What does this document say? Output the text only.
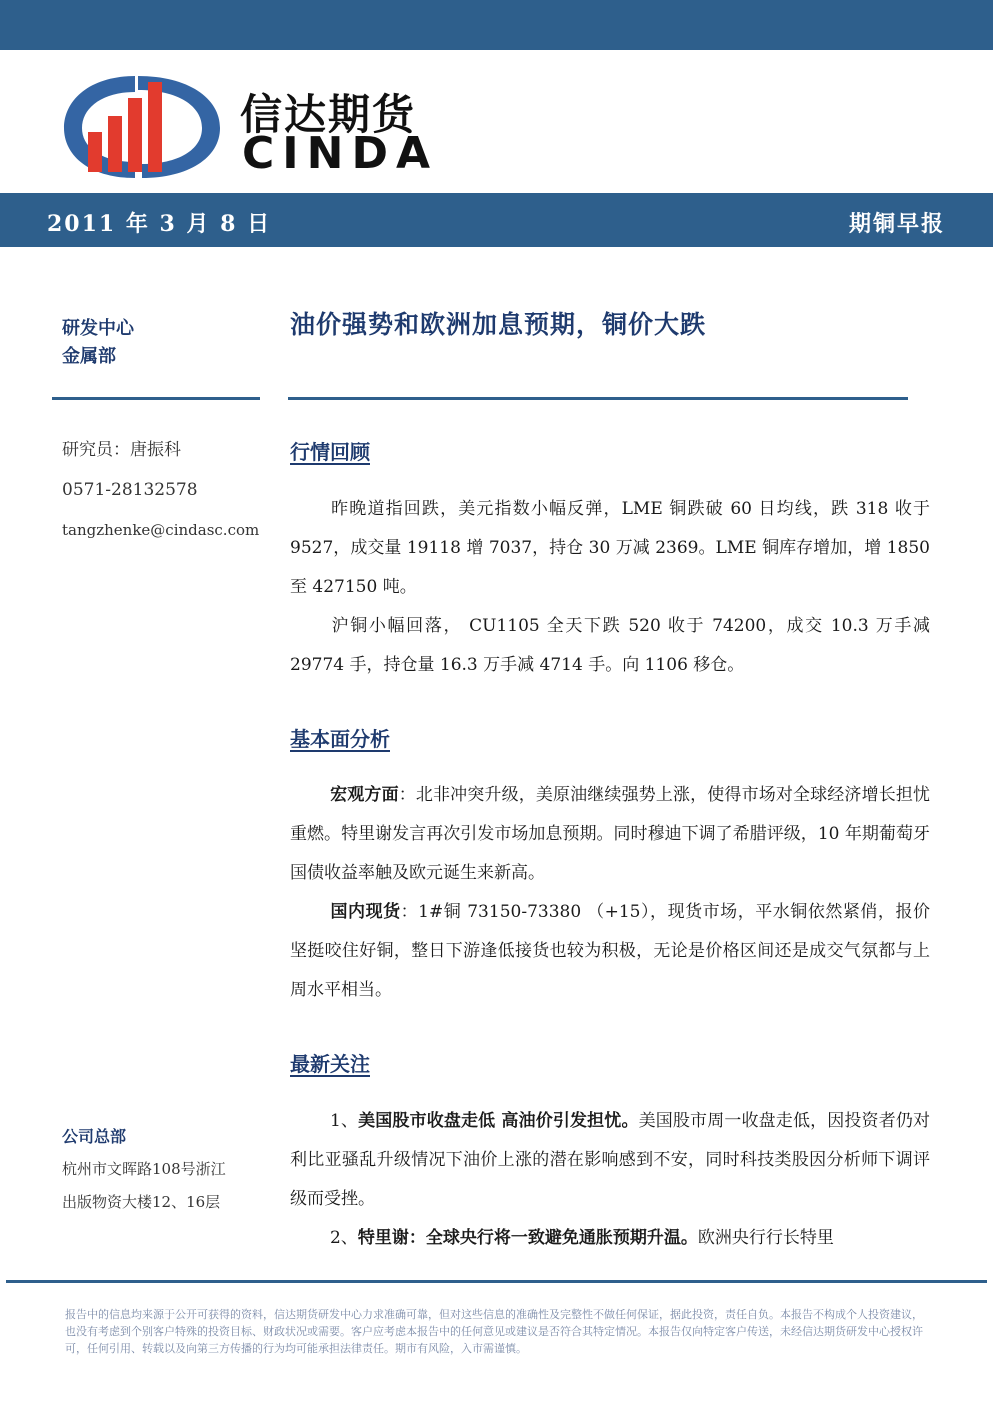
信达期货
CINDA
2011 年 3 月 8 日	期铜早报
研发中心
金属部
油价强势和欧洲加息预期，铜价大跌
研究员：唐振科
0571-28132578
tangzhenke@cindasc.com
行情回顾
昨晚道指回跌，美元指数小幅反弹，LME 铜跌破 60 日均线，跌 318 收于 9527，成交量 19118 增 7037，持仓 30 万减 2369。LME 铜库存增加，增 1850 至 427150 吨。
沪铜小幅回落， CU1105 全天下跌 520 收于 74200，成交 10.3 万手减 29774 手，持仓量 16.3 万手减 4714 手。向 1106 移仓。
基本面分析
宏观方面：北非冲突升级，美原油继续强势上涨，使得市场对全球经济增长担忧重燃。特里谢发言再次引发市场加息预期。同时穆迪下调了希腊评级，10 年期葡萄牙国债收益率触及欧元诞生来新高。
国内现货：1#铜 73150-73380 （+15），现货市场，平水铜依然紧俏，报价坚挺咬住好铜，整日下游逢低接货也较为积极，无论是价格区间还是成交气氛都与上周水平相当。
最新关注
1、美国股市收盘走低 高油价引发担忧。美国股市周一收盘走低，因投资者仍对利比亚骚乱升级情况下油价上涨的潜在影响感到不安，同时科技类股因分析师下调评级而受挫。
2、特里谢：全球央行将一致避免通胀预期升温。欧洲央行行长特里
公司总部
杭州市文晖路108号浙江
出版物资大楼12、16层
报告中的信息均来源于公开可获得的资料，信达期货研发中心力求准确可靠，但对这些信息的准确性及完整性不做任何保证，据此投资，责任自负。本报告不构成个人投资建议，也没有考虑到个别客户特殊的投资目标、财政状况或需要。客户应考虑本报告中的任何意见或建议是否符合其特定情况。本报告仅向特定客户传送，未经信达期货研发中心授权许可，任何引用、转载以及向第三方传播的行为均可能承担法律责任。期市有风险，入市需谨慎。
